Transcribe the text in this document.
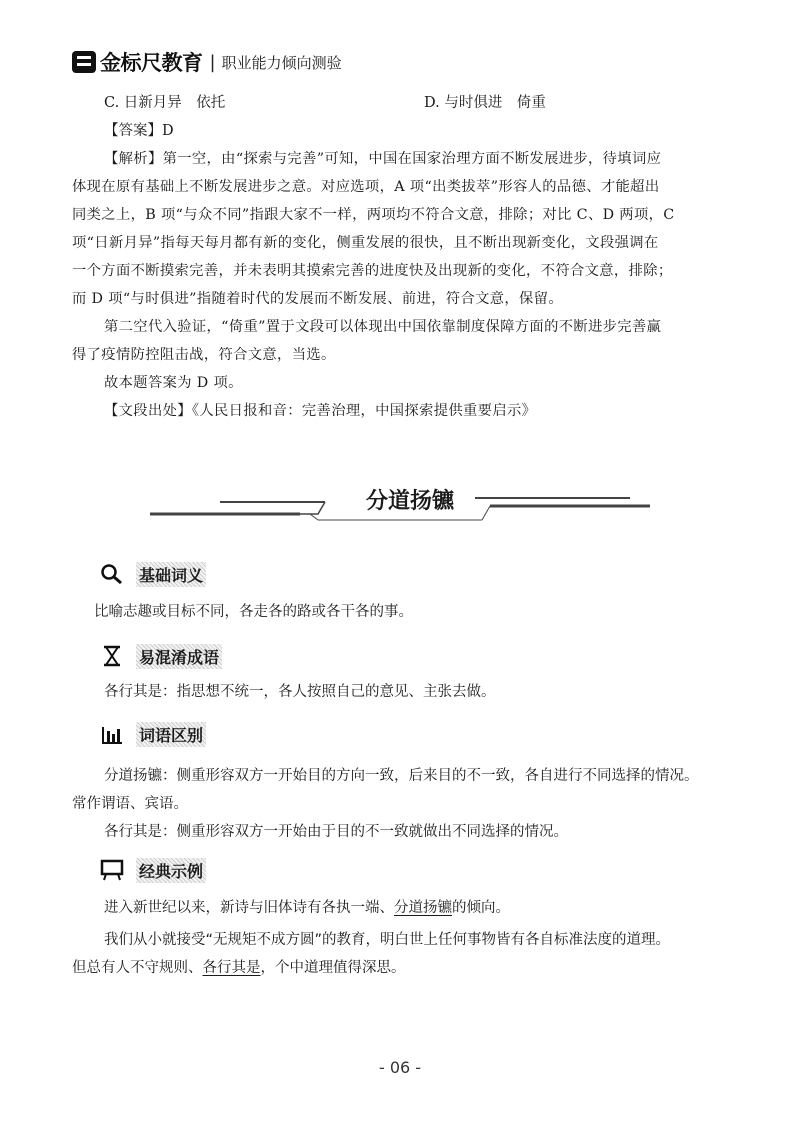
金标尺教育 | 职业能力倾向测验
C. 日新月异　依托	D. 与时俱进　倚重
【答案】D
【解析】第一空，由“探索与完善”可知，中国在国家治理方面不断发展进步，待填词应
体现在原有基础上不断发展进步之意。对应选项，A 项“出类拔萃”形容人的品德、才能超出
同类之上，B 项“与众不同”指跟大家不一样，两项均不符合文意，排除；对比 C、D 两项，C
项“日新月异”指每天每月都有新的变化，侧重发展的很快，且不断出现新变化，文段强调在
一个方面不断摸索完善，并未表明其摸索完善的进度快及出现新的变化，不符合文意，排除；
而 D 项“与时俱进”指随着时代的发展而不断发展、前进，符合文意，保留。
第二空代入验证，“倚重”置于文段可以体现出中国依靠制度保障方面的不断进步完善赢
得了疫情防控阻击战，符合文意，当选。
故本题答案为 D 项。
【文段出处】《人民日报和音：完善治理，中国探索提供重要启示》
分道扬镳
基础词义
比喻志趣或目标不同，各走各的路或各干各的事。
易混淆成语
各行其是：指思想不统一，各人按照自己的意见、主张去做。
词语区别
分道扬镳：侧重形容双方一开始目的方向一致，后来目的不一致，各自进行不同选择的情况。
常作谓语、宾语。
各行其是：侧重形容双方一开始由于目的不一致就做出不同选择的情况。
经典示例
进入新世纪以来，新诗与旧体诗有各执一端、分道扬镳的倾向。
我们从小就接受“无规矩不成方圆”的教育，明白世上任何事物皆有各自标准法度的道理。
但总有人不守规则、各行其是，个中道理值得深思。
- 06 -
